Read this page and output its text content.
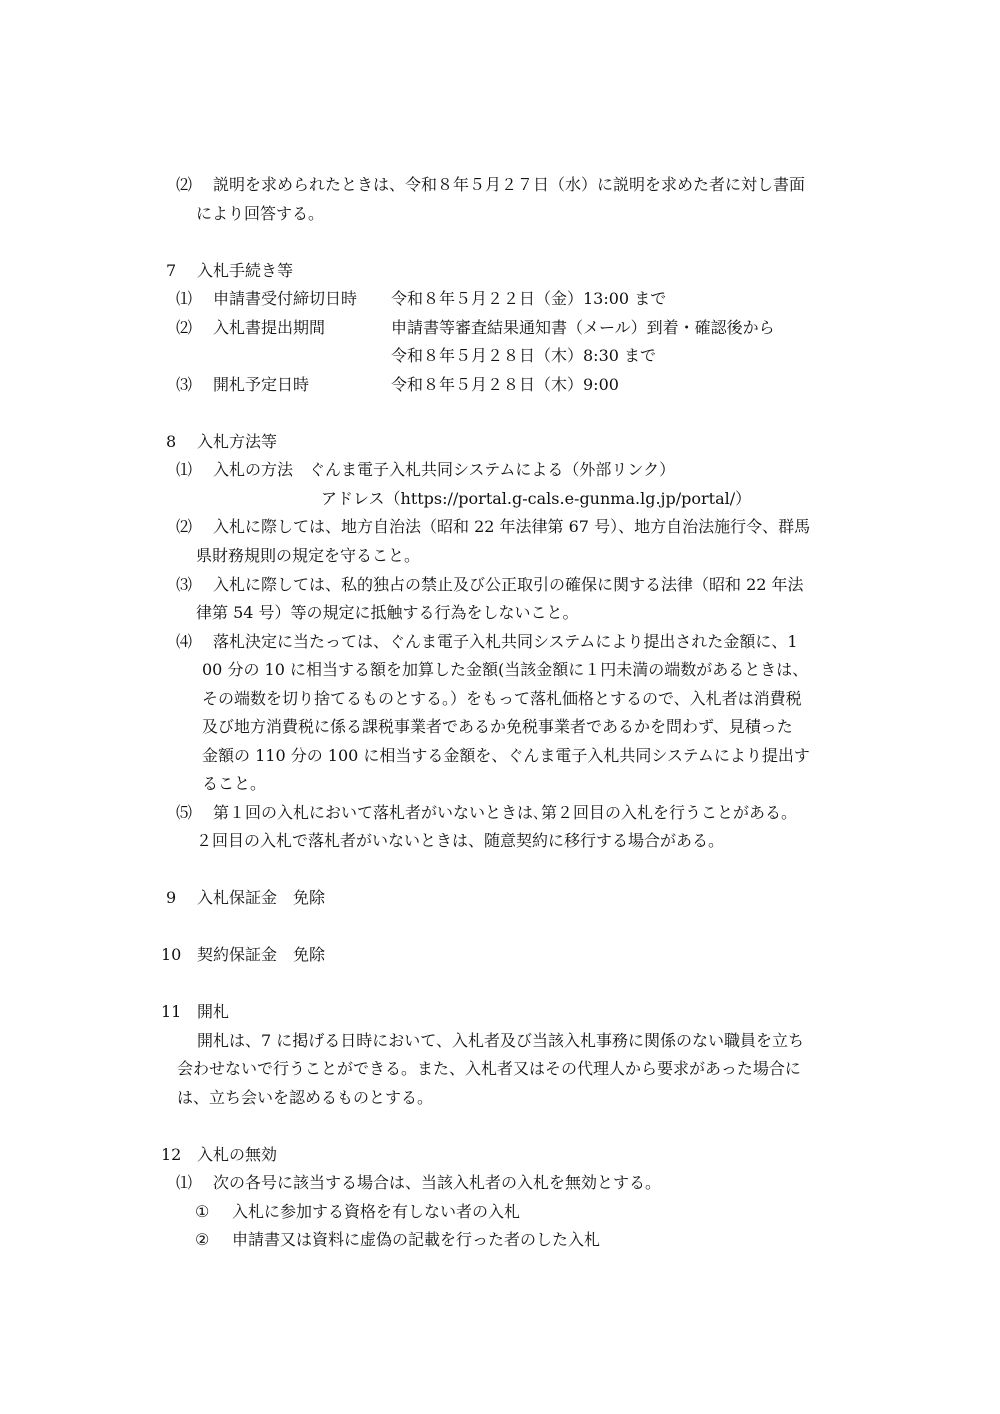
⑵ 説明を求められたときは、令和８年５月２７日（水）に説明を求めた者に対し書面
により回答する。
7 入札手続き等
⑴ 申請書受付締切日時 令和８年５月２２日（金）13:00 まで
⑵ 入札書提出期間	申請書等審査結果通知書（メール）到着・確認後から
令和８年５月２８日（木）8:30 まで
⑶ 開札予定日時	令和８年５月２８日（木）9:00
8 入札方法等
⑴ 入札の方法　ぐんま電子入札共同システムによる（外部リンク）
アドレス（https://portal.g-cals.e-gunma.lg.jp/portal/）
⑵ 入札に際しては、地方自治法（昭和 22 年法律第 67 号）、地方自治法施行令、群馬
県財務規則の規定を守ること。
⑶ 入札に際しては、私的独占の禁止及び公正取引の確保に関する法律（昭和 22 年法
律第 54 号）等の規定に抵触する行為をしないこと。
⑷ 落札決定に当たっては、ぐんま電子入札共同システムにより提出された金額に、1
00 分の 10 に相当する額を加算した金額(当該金額に１円未満の端数があるときは、
その端数を切り捨てるものとする。）をもって落札価格とするので、入札者は消費税
及び地方消費税に係る課税事業者であるか免税事業者であるかを問わず、見積った
金額の 110 分の 100 に相当する金額を、ぐんま電子入札共同システムにより提出す
ること。
⑸ 第１回の入札において落札者がいないときは､第２回目の入札を行うことがある。
２回目の入札で落札者がいないときは、随意契約に移行する場合がある。
9 入札保証金　免除
10 契約保証金　免除
11 開札
開札は、7 に掲げる日時において、入札者及び当該入札事務に関係のない職員を立ち
会わせないで行うことができる。また、入札者又はその代理人から要求があった場合に
は、立ち会いを認めるものとする。
12 入札の無効
⑴ 次の各号に該当する場合は、当該入札者の入札を無効とする。
① 入札に参加する資格を有しない者の入札
② 申請書又は資料に虚偽の記載を行った者のした入札
